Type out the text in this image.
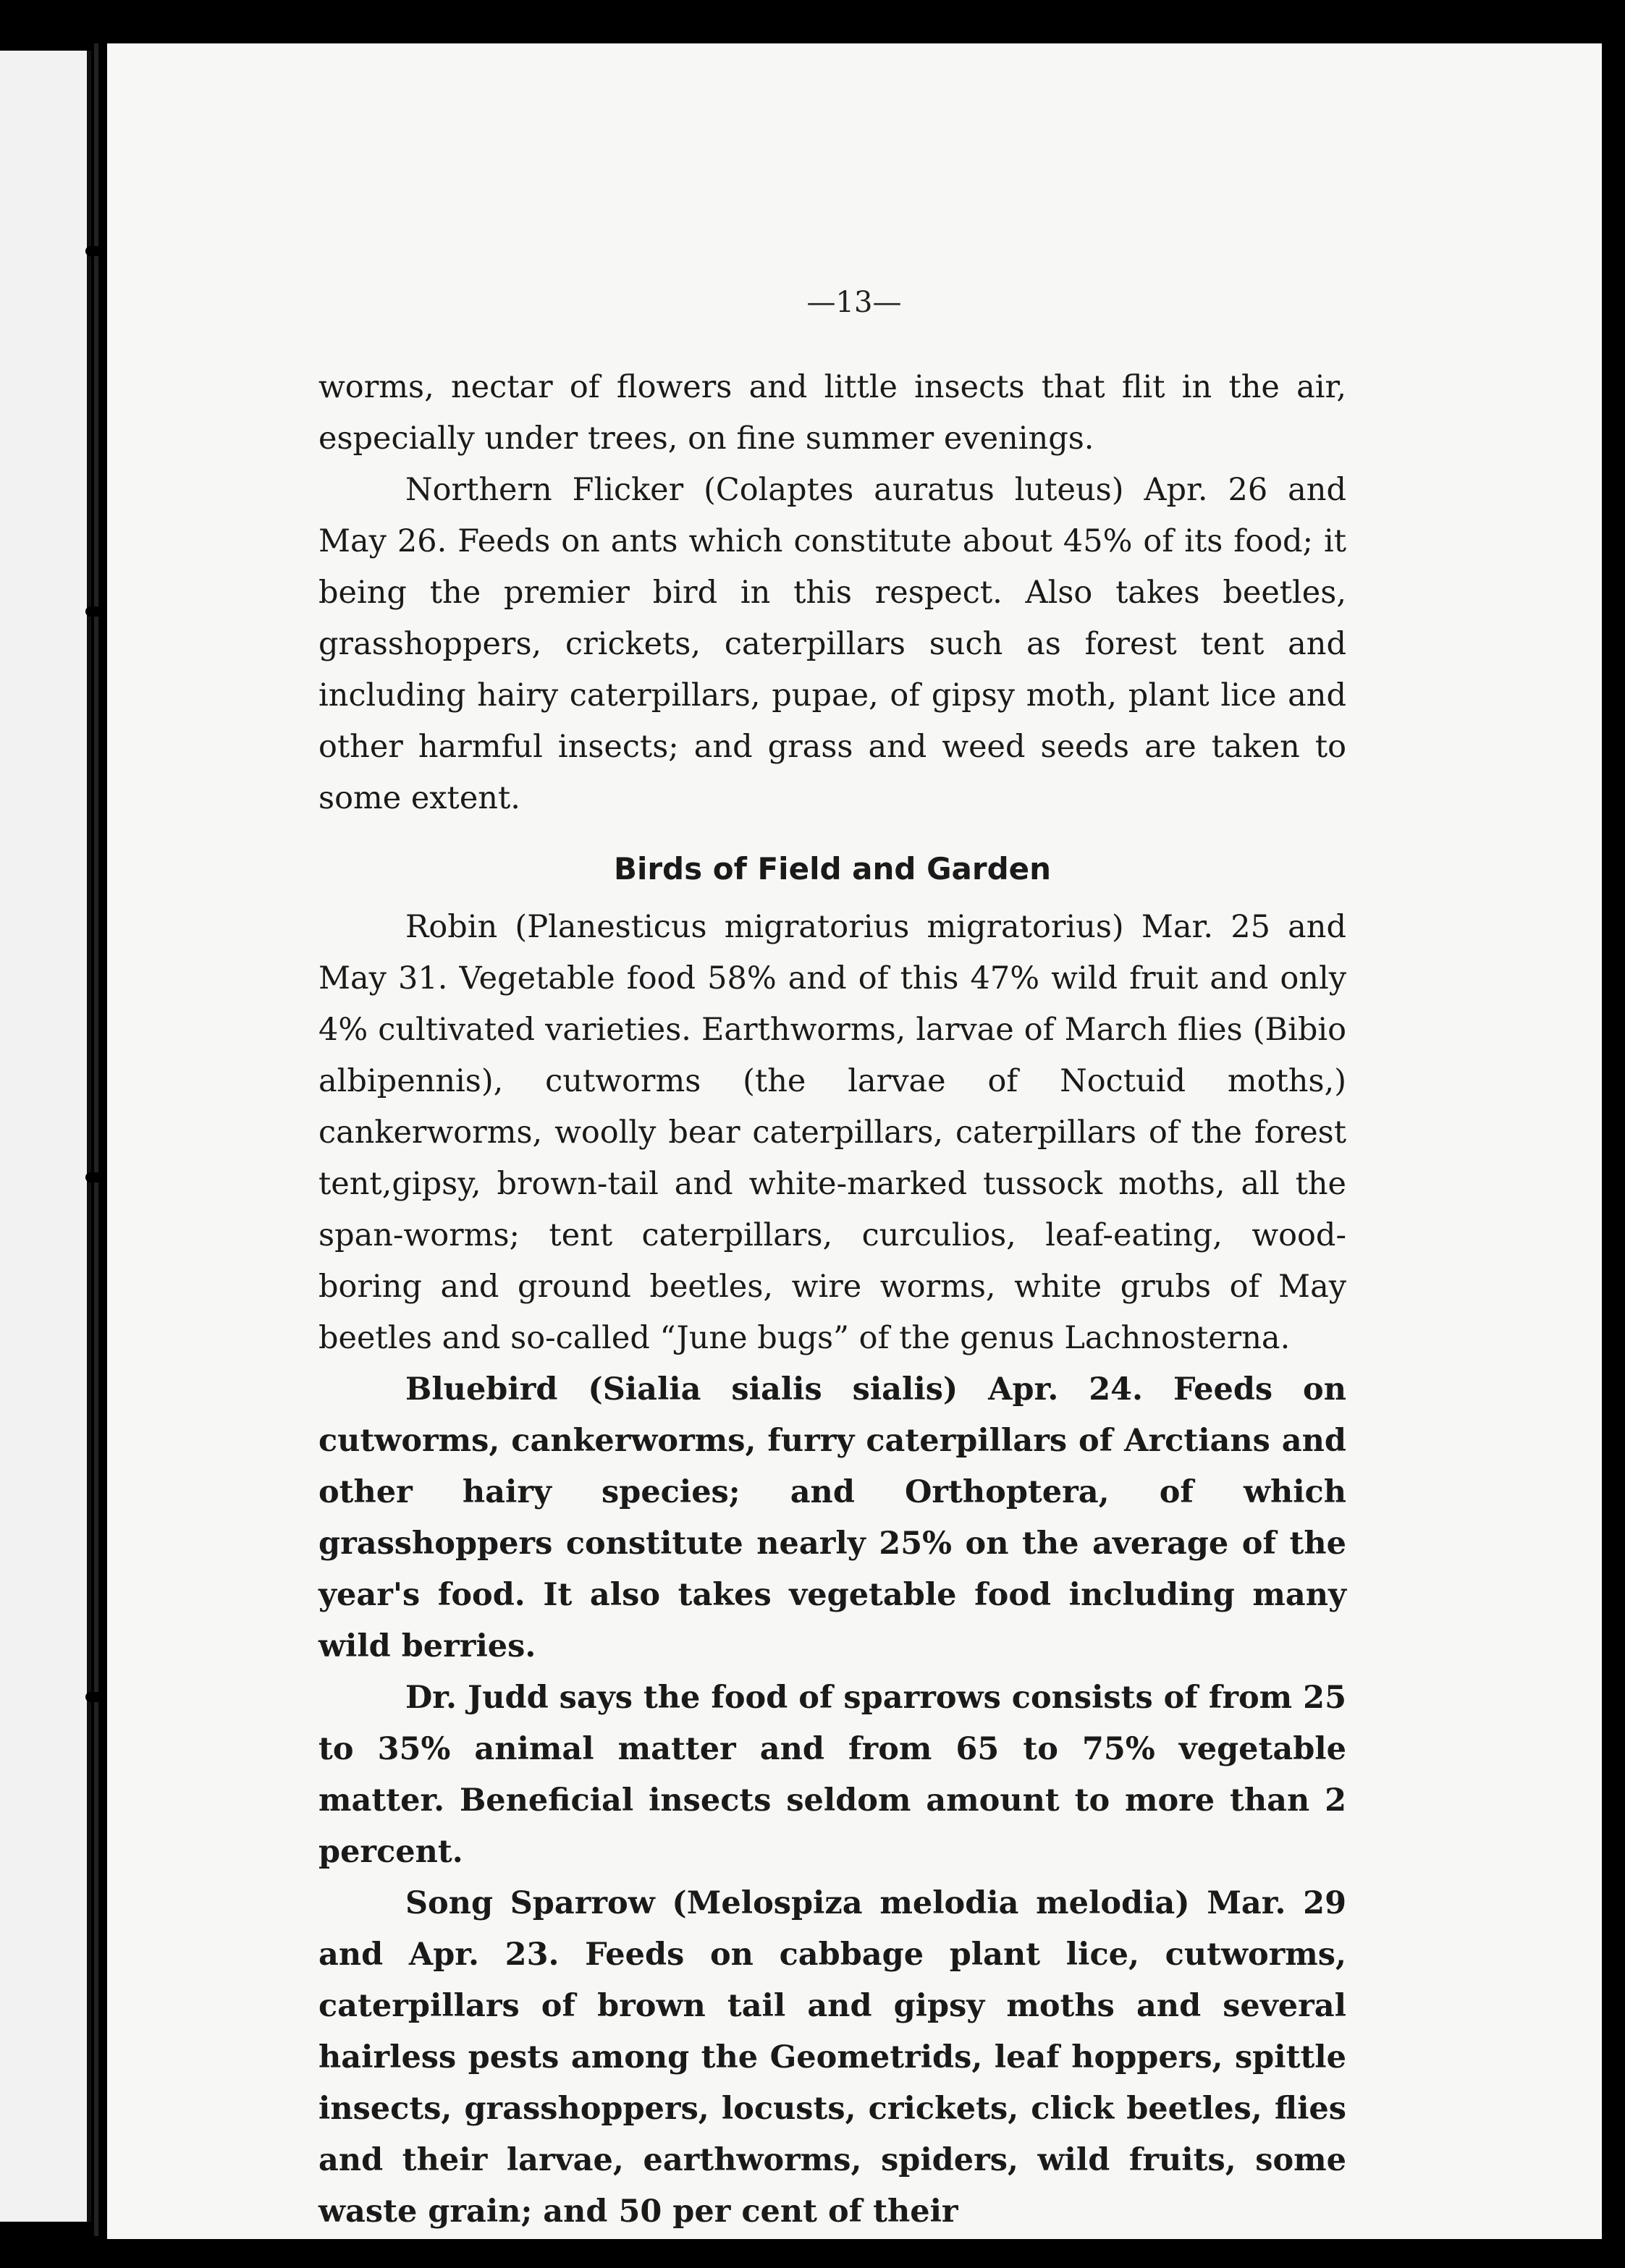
—13—

worms, nectar of flowers and little insects that flit in the air, especially under trees, on fine summer evenings.

Northern Flicker (Colaptes auratus luteus) Apr. 26 and May 26. Feeds on ants which constitute about 45% of its food; it being the premier bird in this respect. Also takes beetles, grasshoppers, crickets, caterpillars such as forest tent and including hairy caterpillars, pupae, of gipsy moth, plant lice and other harmful insects; and grass and weed seeds are taken to some extent.

Birds of Field and Garden

Robin (Planesticus migratorius migratorius) Mar. 25 and May 31. Vegetable food 58% and of this 47% wild fruit and only 4% cultivated varieties. Earthworms, larvae of March flies (Bibio albipennis), cutworms (the larvae of Noctuid moths,) cankerworms, woolly bear caterpillars, caterpillars of the forest tent,gipsy, brown-tail and white-marked tussock moths, all the span-worms; tent caterpillars, curculios, leaf-eating, wood-boring and ground beetles, wire worms, white grubs of May beetles and so-called “June bugs” of the genus Lachnosterna.

Bluebird (Sialia sialis sialis) Apr. 24. Feeds on cutworms, cankerworms, furry caterpillars of Arctians and other hairy species; and Orthoptera, of which grasshoppers constitute nearly 25% on the average of the year's food. It also takes vegetable food including many wild berries.

Dr. Judd says the food of sparrows consists of from 25 to 35% animal matter and from 65 to 75% vegetable matter. Beneficial insects seldom amount to more than 2 percent.

Song Sparrow (Melospiza melodia melodia) Mar. 29 and Apr. 23. Feeds on cabbage plant lice, cutworms, caterpillars of brown tail and gipsy moths and several hairless pests among the Geometrids, leaf hoppers, spittle insects, grasshoppers, locusts, crickets, click beetles, flies and their larvae, earthworms, spiders, wild fruits, some waste grain; and 50 per cent of their
